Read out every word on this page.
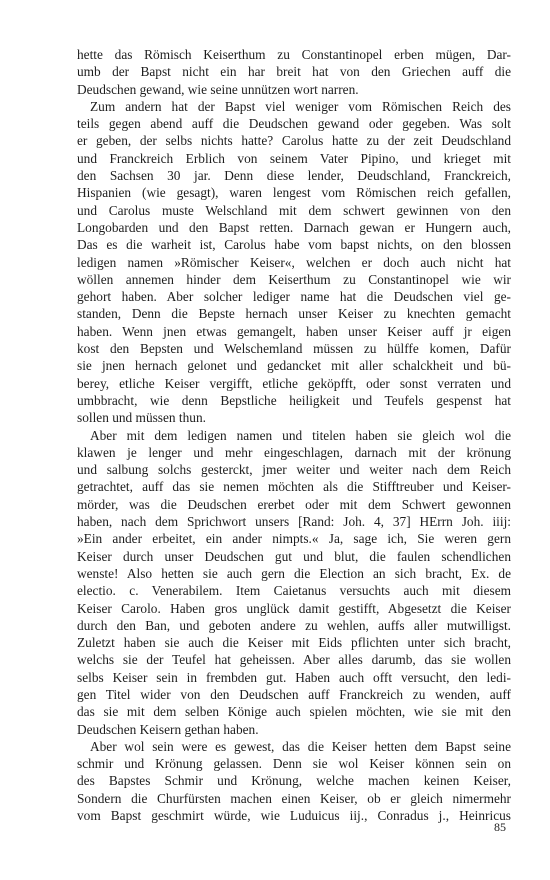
hette das Römisch Keiserthum zu Constantinopel erben mügen, Dar-
umb der Bapst nicht ein har breit hat von den Griechen auff die
Deudschen gewand, wie seine unnützen wort narren.
Zum andern hat der Bapst viel weniger vom Römischen Reich des
teils gegen abend auff die Deudschen gewand oder gegeben. Was solt
er geben, der selbs nichts hatte? Carolus hatte zu der zeit Deudschland
und Franckreich Erblich von seinem Vater Pipino, und krieget mit
den Sachsen 30 jar. Denn diese lender, Deudschland, Franckreich,
Hispanien (wie gesagt), waren lengest vom Römischen reich gefallen,
und Carolus muste Welschland mit dem schwert gewinnen von den
Longobarden und den Bapst retten. Darnach gewan er Hungern auch,
Das es die warheit ist, Carolus habe vom bapst nichts, on den blossen
ledigen namen »Römischer Keiser«, welchen er doch auch nicht hat
wöllen annemen hinder dem Keiserthum zu Constantinopel wie wir
gehort haben. Aber solcher lediger name hat die Deudschen viel ge-
standen, Denn die Bepste hernach unser Keiser zu knechten gemacht
haben. Wenn jnen etwas gemangelt, haben unser Keiser auff jr eigen
kost den Bepsten und Welschemland müssen zu hülffe komen, Dafür
sie jnen hernach gelonet und gedancket mit aller schalckheit und bü-
berey, etliche Keiser vergifft, etliche geköpfft, oder sonst verraten und
umbbracht, wie denn Bepstliche heiligkeit und Teufels gespenst hat
sollen und müssen thun.
Aber mit dem ledigen namen und titelen haben sie gleich wol die
klawen je lenger und mehr eingeschlagen, darnach mit der krönung
und salbung solchs gesterckt, jmer weiter und weiter nach dem Reich
getrachtet, auff das sie nemen möchten als die Stifftreuber und Keiser-
mörder, was die Deudschen ererbet oder mit dem Schwert gewonnen
haben, nach dem Sprichwort unsers [Rand: Joh. 4, 37] HErrn Joh. iiij:
»Ein ander erbeitet, ein ander nimpts.« Ja, sage ich, Sie weren gern
Keiser durch unser Deudschen gut und blut, die faulen schendlichen
wenste! Also hetten sie auch gern die Election an sich bracht, Ex. de
electio. c. Venerabilem. Item Caietanus versuchts auch mit diesem
Keiser Carolo. Haben gros unglück damit gestifft, Abgesetzt die Keiser
durch den Ban, und geboten andere zu wehlen, auffs aller mutwilligst.
Zuletzt haben sie auch die Keiser mit Eids pflichten unter sich bracht,
welchs sie der Teufel hat geheissen. Aber alles darumb, das sie wollen
selbs Keiser sein in frembden gut. Haben auch offt versucht, den ledi-
gen Titel wider von den Deudschen auff Franckreich zu wenden, auff
das sie mit dem selben Könige auch spielen möchten, wie sie mit den
Deudschen Keisern gethan haben.
Aber wol sein were es gewest, das die Keiser hetten dem Bapst seine
schmir und Krönung gelassen. Denn sie wol Keiser können sein on
des Bapstes Schmir und Krönung, welche machen keinen Keiser,
Sondern die Churfürsten machen einen Keiser, ob er gleich nimermehr
vom Bapst geschmirt würde, wie Luduicus iij., Conradus j., Heinricus
85
